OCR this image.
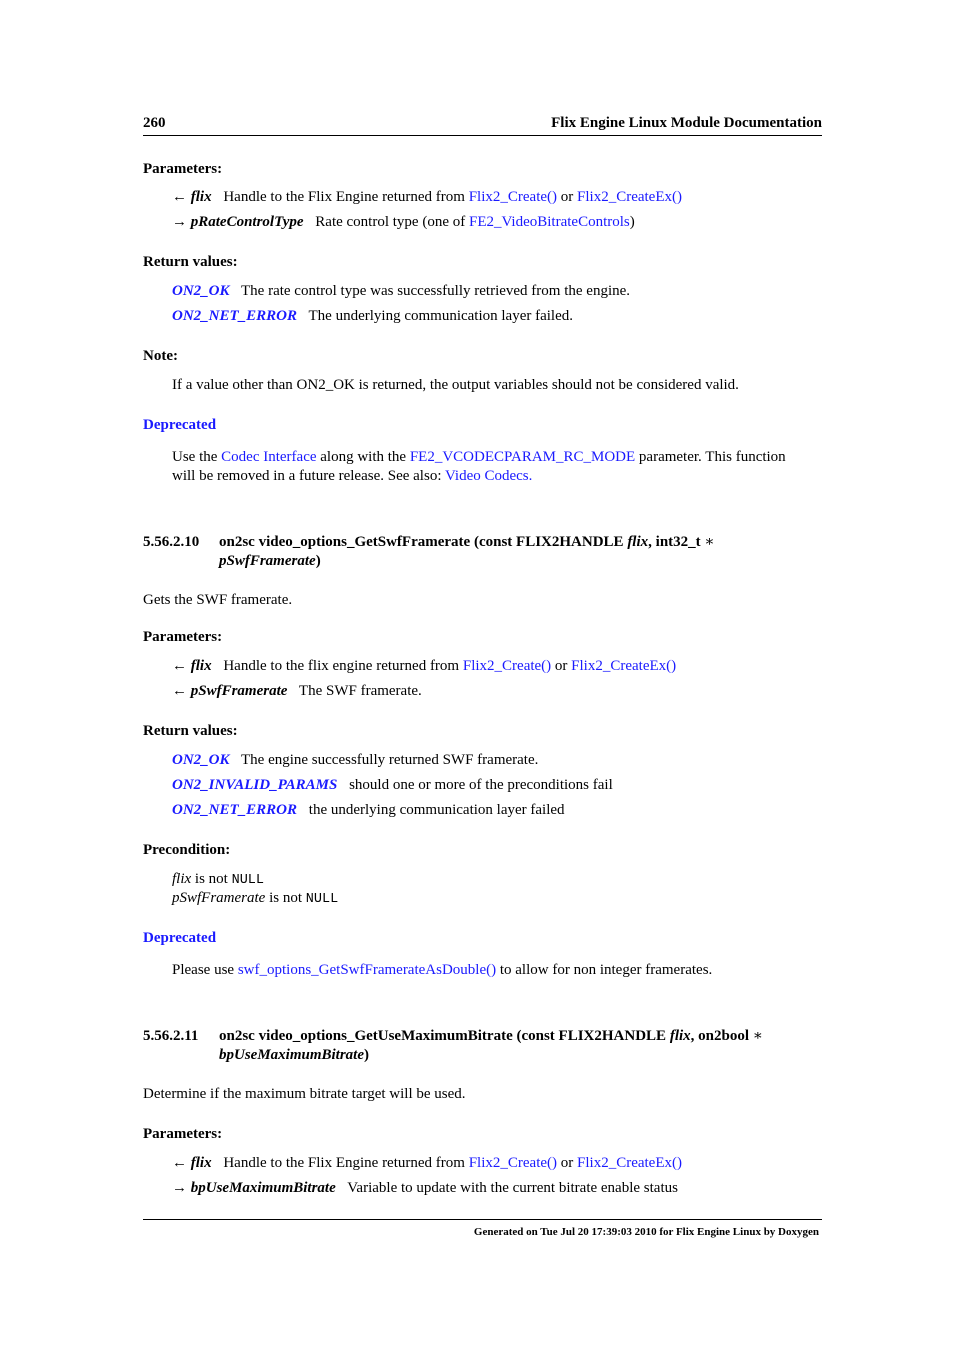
260	Flix Engine Linux Module Documentation
Parameters:
← flix Handle to the Flix Engine returned from Flix2_Create() or Flix2_CreateEx()
→ pRateControlType Rate control type (one of FE2_VideoBitrateControls)
Return values:
ON2_OK The rate control type was successfully retrieved from the engine.
ON2_NET_ERROR The underlying communication layer failed.
Note:
If a value other than ON2_OK is returned, the output variables should not be considered valid.
Deprecated
Use the Codec Interface along with the FE2_VCODECPARAM_RC_MODE parameter. This function
will be removed in a future release. See also: Video Codecs.
5.56.2.10 on2sc video_options_GetSwfFramerate (const FLIX2HANDLE flix, int32_t ∗
pSwfFramerate)
Gets the SWF framerate.
Parameters:
← flix Handle to the flix engine returned from Flix2_Create() or Flix2_CreateEx()
← pSwfFramerate The SWF framerate.
Return values:
ON2_OK The engine successfully returned SWF framerate.
ON2_INVALID_PARAMS should one or more of the preconditions fail
ON2_NET_ERROR the underlying communication layer failed
Precondition:
flix is not NULL
pSwfFramerate is not NULL
Deprecated
Please use swf_options_GetSwfFramerateAsDouble() to allow for non integer framerates.
5.56.2.11 on2sc video_options_GetUseMaximumBitrate (const FLIX2HANDLE flix, on2bool ∗
bpUseMaximumBitrate)
Determine if the maximum bitrate target will be used.
Parameters:
← flix Handle to the Flix Engine returned from Flix2_Create() or Flix2_CreateEx()
→ bpUseMaximumBitrate Variable to update with the current bitrate enable status
Generated on Tue Jul 20 17:39:03 2010 for Flix Engine Linux by Doxygen
